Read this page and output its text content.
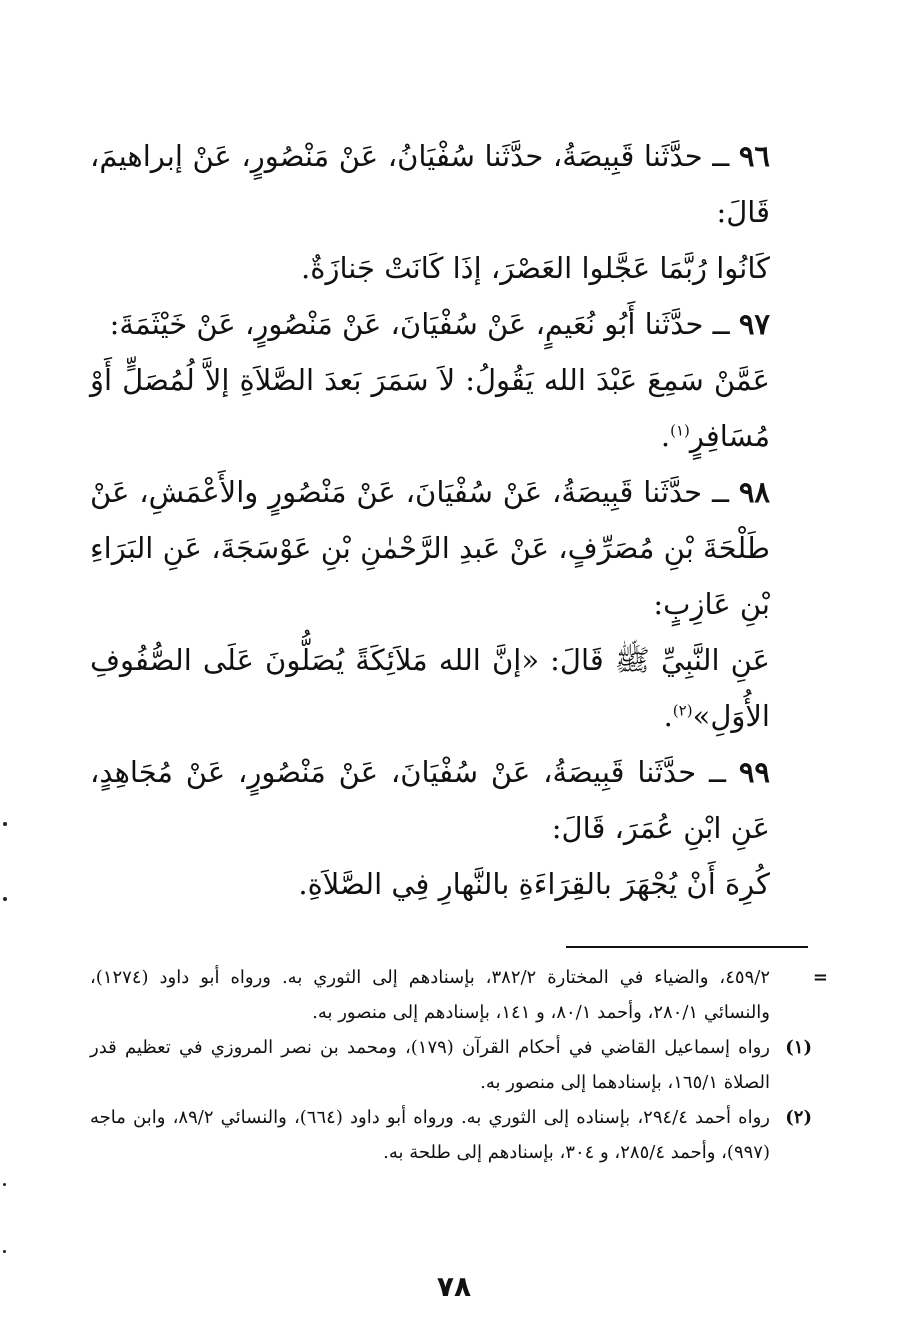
٩٦ ــ حدَّثَنا قَبِيصَةُ، حدَّثَنا سُفْيَانُ، عَنْ مَنْصُورٍ، عَنْ إبراهيمَ، قَالَ:

كَانُوا رُبَّمَا عَجَّلوا العَصْرَ، إذَا كَانَتْ جَنازَةٌ.

٩٧ ــ حدَّثَنا أَبُو نُعَيمٍ، عَنْ سُفْيَانَ، عَنْ مَنْصُورٍ، عَنْ خَيْثَمَةَ:

عَمَّنْ سَمِعَ عَبْدَ الله يَقُولُ: لاَ سَمَرَ بَعدَ الصَّلاَةِ إلاَّ لُمُصَلٍّ أَوْ مُسَافِرٍ$^{(١)}$.

٩٨ ــ حدَّثَنا قَبِيصَةُ، عَنْ سُفْيَانَ، عَنْ مَنْصُورٍ والأَعْمَشِ، عَنْ طَلْحَةَ بْنِ مُصَرِّفٍ، عَنْ عَبدِ الرَّحْمٰنِ بْنِ عَوْسَجَةَ، عَنِ البَرَاءِ بْنِ عَازِبٍ:

عَنِ النَّبِيِّ ﷺ قَالَ: «إنَّ الله مَلاَئِكَةً يُصَلُّونَ عَلَى الصُّفُوفِ الأُوَلِ»$^{(٢)}$.

٩٩ ــ حدَّثَنا قَبِيصَةُ، عَنْ سُفْيَانَ، عَنْ مَنْصُورٍ، عَنْ مُجَاهِدٍ، عَنِ ابْنِ عُمَرَ، قَالَ:

كُرِهَ أَنْ يُجْهَرَ بالقِرَاءَةِ بالنَّهارِ فِي الصَّلاَةِ.

=
٤٥٩/٢، والضياء في المختارة ٣٨٢/٢، بإسنادهم إلى الثوري به. ورواه أبو داود (١٢٧٤)، والنسائي ٢٨٠/١، وأحمد ٨٠/١، و ١٤١، بإسنادهم إلى منصور به.

(١)
رواه إسماعيل القاضي في أحكام القرآن (١٧٩)، ومحمد بن نصر المروزي في تعظيم قدر الصلاة ١٦٥/١، بإسنادهما إلى منصور به.

(٢)
رواه أحمد ٢٩٤/٤، بإسناده إلى الثوري به. ورواه أبو داود (٦٦٤)، والنسائي ٨٩/٢، وابن ماجه (٩٩٧)، وأحمد ٢٨٥/٤، و ٣٠٤، بإسنادهم إلى طلحة به.

٧٨
